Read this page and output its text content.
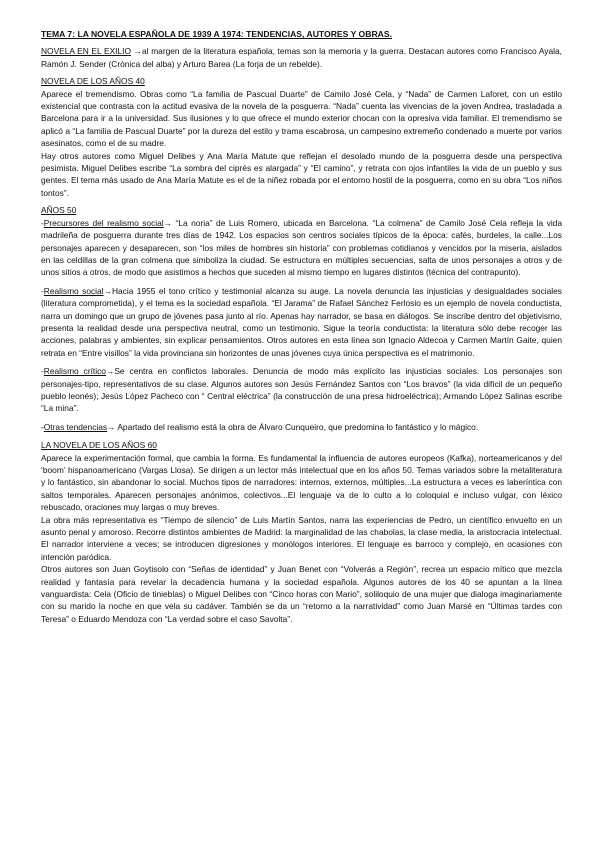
TEMA 7: LA NOVELA ESPAÑOLA DE 1939 A 1974: TENDENCIAS, AUTORES Y OBRAS.

NOVELA EN EL EXILIO →al margen de la literatura española, temas son la memoria y la guerra. Destacan autores como Francisco Ayala, Ramón J. Sender (Crónica del alba) y Arturo Barea (La forja de un rebelde).

NOVELA DE LOS AÑOS 40

Aparece el tremendismo. Obras como “La familia de Pascual Duarte” de Camilo José Cela, y “Nada” de Carmen Laforet, con un estilo existencial que contrasta con la actitud evasiva de la novela de la posguerra. “Nada” cuenta las vivencias de la joven Andrea, trasladada a Barcelona para ir a la universidad. Sus ilusiones y lo que ofrece el mundo exterior chocan con la opresiva vida familiar. El tremendismo se aplicó a “La familia de Pascual Duarte” por la dureza del estilo y trama escabrosa, un campesino extremeño condenado a muerte por varios asesinatos, como el de su madre.

Hay otros autores como Miguel Delibes y Ana María Matute que reflejan el desolado mundo de la posguerra desde una perspectiva pesimista. Miguel Delibes escribe “La sombra del ciprés es alargada” y “El camino”, y retrata con ojos infantiles la vida de un pueblo y sus gentes. El tema más usado de Ana María Matute es el de la niñez robada por el entorno hostil de la posguerra, como en su obra “Los niños tontos”.

AÑOS 50

-Precursores del realismo social→ “La noria” de Luis Romero, ubicada en Barcelona. “La colmena” de Camilo José Cela refleja la vida madrileña de posguerra durante tres días de 1942. Los espacios son centros sociales típicos de la época: cafés, burdeles, la calle...Los personajes aparecen y desaparecen, son “los miles de hombres sin historia” con problemas cotidianos y vencidos por la miseria, aislados en las celdillas de la gran colmena que simboliza la ciudad. Se estructura en múltiples secuencias, salta de unos personajes a otros y de unos sitios a otros, de modo que asistimos a hechos que suceden al mismo tiempo en lugares distintos (técnica del contrapunto).

-Realismo social→Hacia 1955 el tono crítico y testimonial alcanza su auge. La novela denuncia las injusticias y desigualdades sociales (literatura comprometida), y el tema es la sociedad española. “El Jarama” de Rafael Sánchez Ferlosio es un ejemplo de novela conductista, narra un domingo que un grupo de jóvenes pasa junto al río. Apenas hay narrador, se basa en diálogos. Se inscribe dentro del objetivismo, presenta la realidad desde una perspectiva neutral, como un testimonio. Sigue la teoría conductista: la literatura sólo debe recoger las acciones, palabras y ambientes, sin explicar pensamientos. Otros autores en esta línea son Ignacio Aldecoa y Carmen Martín Gaite, quien retrata en “Entre visillos” la vida provinciana sin horizontes de unas jóvenes cuya única perspectiva es el matrimonio.

-Realismo crítico→Se centra en conflictos laborales. Denuncia de modo más explícito las injusticias sociales. Los personajes son personajes-tipo, representativos de su clase. Algunos autores son Jesús Fernández Santos con “Los bravos” (la vida difícil de un pequeño pueblo leonés); Jesús López Pacheco con “ Central eléctrica” (la construcción de una presa hidroeléctrica); Armando López Salinas escribe “La mina”.

-Otras tendencias→ Apartado del realismo está la obra de Álvaro Cunqueiro, que predomina lo fantástico y lo mágico.

LA NOVELA DE LOS AÑOS 60

Aparece la experimentación formal, que cambia la forma. Es fundamental la influencia de autores europeos (Kafka), norteamericanos y del ‘boom’ hispanoamericano (Vargas Llosa). Se dirigen a un lector más intelectual que en los años 50. Temas variados sobre la metaliteratura y lo fantástico, sin abandonar lo social. Muchos tipos de narradores: internos, externos, múltiples...La estructura a veces es laberíntica con saltos temporales. Aparecen personajes anónimos, colectivos...El lenguaje va de lo culto a lo coloquial e incluso vulgar, con léxico rebuscado, oraciones muy largas o muy breves.

La obra más representativa es “Tiempo de silencio” de Luis Martín Santos, narra las experiencias de Pedro, un científico envuelto en un asunto penal y amoroso. Recorre distintos ambientes de Madrid: la marginalidad de las chabolas, la clase media, la aristocracia intelectual. El narrador interviene a veces; se introducen digresiones y monólogos interiores. El lenguaje es barroco y complejo, en ocasiones con intención paródica.

Otros autores son Juan Goytisolo con “Señas de identidad” y Juan Benet con “Volverás a Región”, recrea un espacio mítico que mezcla realidad y fantasía para revelar la decadencia humana y la sociedad española. Algunos autores de los 40 se apuntan a la línea vanguardista: Cela (Oficio de tinieblas) o Miguel Delibes con “Cinco horas con Mario”, soliloquio de una mujer que dialoga imaginariamente con su marido la noche en que vela su cadáver. También se da un “retorno a la narratividad” como Juan Marsé en “Últimas tardes con Teresa” o Eduardo Mendoza con “La verdad sobre el caso Savolta”.
